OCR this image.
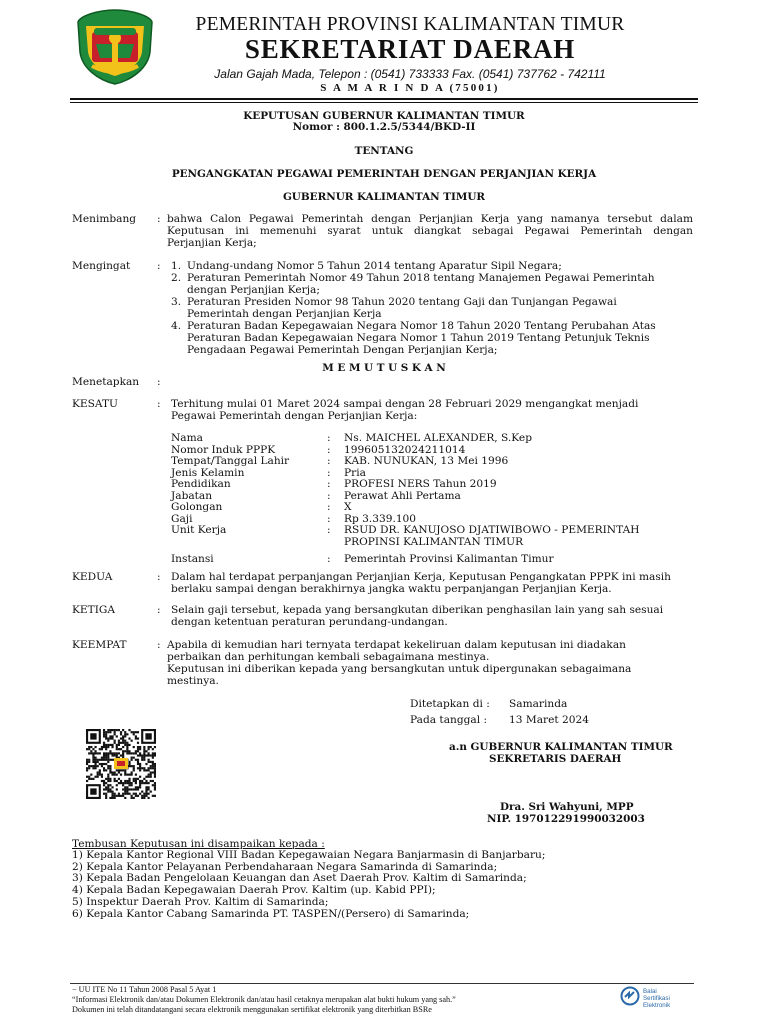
PEMERINTAH PROVINSI KALIMANTAN TIMUR
SEKRETARIAT DAERAH
Jalan Gajah Mada, Telepon : (0541) 733333 Fax. (0541) 737762 - 742111
S A M A R I N D A (75001)
KEPUTUSAN GUBERNUR KALIMANTAN TIMUR
Nomor : 800.1.2.5/5344/BKD-II
TENTANG
PENGANGKATAN PEGAWAI PEMERINTAH DENGAN PERJANJIAN KERJA
GUBERNUR KALIMANTAN TIMUR
Menimbang : bahwa Calon Pegawai Pemerintah dengan Perjanjian Kerja yang namanya tersebut dalam
Keputusan ini memenuhi syarat untuk diangkat sebagai Pegawai Pemerintah dengan
Perjanjian Kerja;
Mengingat	: 1. Undang-undang Nomor 5 Tahun 2014 tentang Aparatur Sipil Negara;
2. Peraturan Pemerintah Nomor 49 Tahun 2018 tentang Manajemen Pegawai Pemerintah
dengan Perjanjian Kerja;
3. Peraturan Presiden Nomor 98 Tahun 2020 tentang Gaji dan Tunjangan Pegawai
Pemerintah dengan Perjanjian Kerja
4. Peraturan Badan Kepegawaian Negara Nomor 18 Tahun 2020 Tentang Perubahan Atas
Peraturan Badan Kepegawaian Negara Nomor 1 Tahun 2019 Tentang Petunjuk Teknis
Pengadaan Pegawai Pemerintah Dengan Perjanjian Kerja;
M E M U T U S K A N
Menetapkan :
KESATU	: Terhitung mulai 01 Maret 2024 sampai dengan 28 Februari 2029 mengangkat menjadi
Pegawai Pemerintah dengan Perjanjian Kerja:
Nama	:	Ns. MAICHEL ALEXANDER, S.Kep
Nomor Induk PPPK	:	199605132024211014
Tempat/Tanggal Lahir	:	KAB. NUNUKAN, 13 Mei 1996
Jenis Kelamin	:	Pria
Pendidikan	:	PROFESI NERS Tahun 2019
Jabatan	:	Perawat Ahli Pertama
Golongan	:	X
Gaji	:	Rp 3.339.100
Unit Kerja	:	RSUD DR. KANUJOSO DJATIWIBOWO - PEMERINTAH
PROPINSI KALIMANTAN TIMUR

Instansi	:	Pemerintah Provinsi Kalimantan Timur
KEDUA	: Dalam hal terdapat perpanjangan Perjanjian Kerja, Keputusan Pengangkatan PPPK ini masih
berlaku sampai dengan berakhirnya jangka waktu perpanjangan Perjanjian Kerja.
KETIGA	: Selain gaji tersebut, kepada yang bersangkutan diberikan penghasilan lain yang sah sesuai
dengan ketentuan peraturan perundang-undangan.
KEEMPAT	: Apabila di kemudian hari ternyata terdapat kekeliruan dalam keputusan ini diadakan
perbaikan dan perhitungan kembali sebagaimana mestinya.
Keputusan ini diberikan kepada yang bersangkutan untuk dipergunakan sebagaimana
mestinya.
Ditetapkan di : Samarinda
Pada tanggal : 13 Maret 2024
a.n GUBERNUR KALIMANTAN TIMUR
SEKRETARIS DAERAH
Dra. Sri Wahyuni, MPP
NIP. 197012291990032003
Tembusan Keputusan ini disampaikan kepada :
1) Kepala Kantor Regional VIII Badan Kepegawaian Negara Banjarmasin di Banjarbaru;
2) Kepala Kantor Pelayanan Perbendaharaan Negara Samarinda di Samarinda;
3) Kepala Badan Pengelolaan Keuangan dan Aset Daerah Prov. Kaltim di Samarinda;
4) Kepala Badan Kepegawaian Daerah Prov. Kaltim (up. Kabid PPI);
5) Inspektur Daerah Prov. Kaltim di Samarinda;
6) Kepala Kantor Cabang Samarinda PT. TASPEN/(Persero) di Samarinda;
− UU ITE No 11 Tahun 2008 Pasal 5 Ayat 1
“Informasi Elektronik dan/atau Dokumen Elektronik dan/atau hasil cetaknya merupakan alat bukti hukum yang sah.”
Dokumen ini telah ditandatangani secara elektronik menggunakan sertifikat elektronik yang diterbitkan BSRe
Balai
Sertifikasi
Elektronik
